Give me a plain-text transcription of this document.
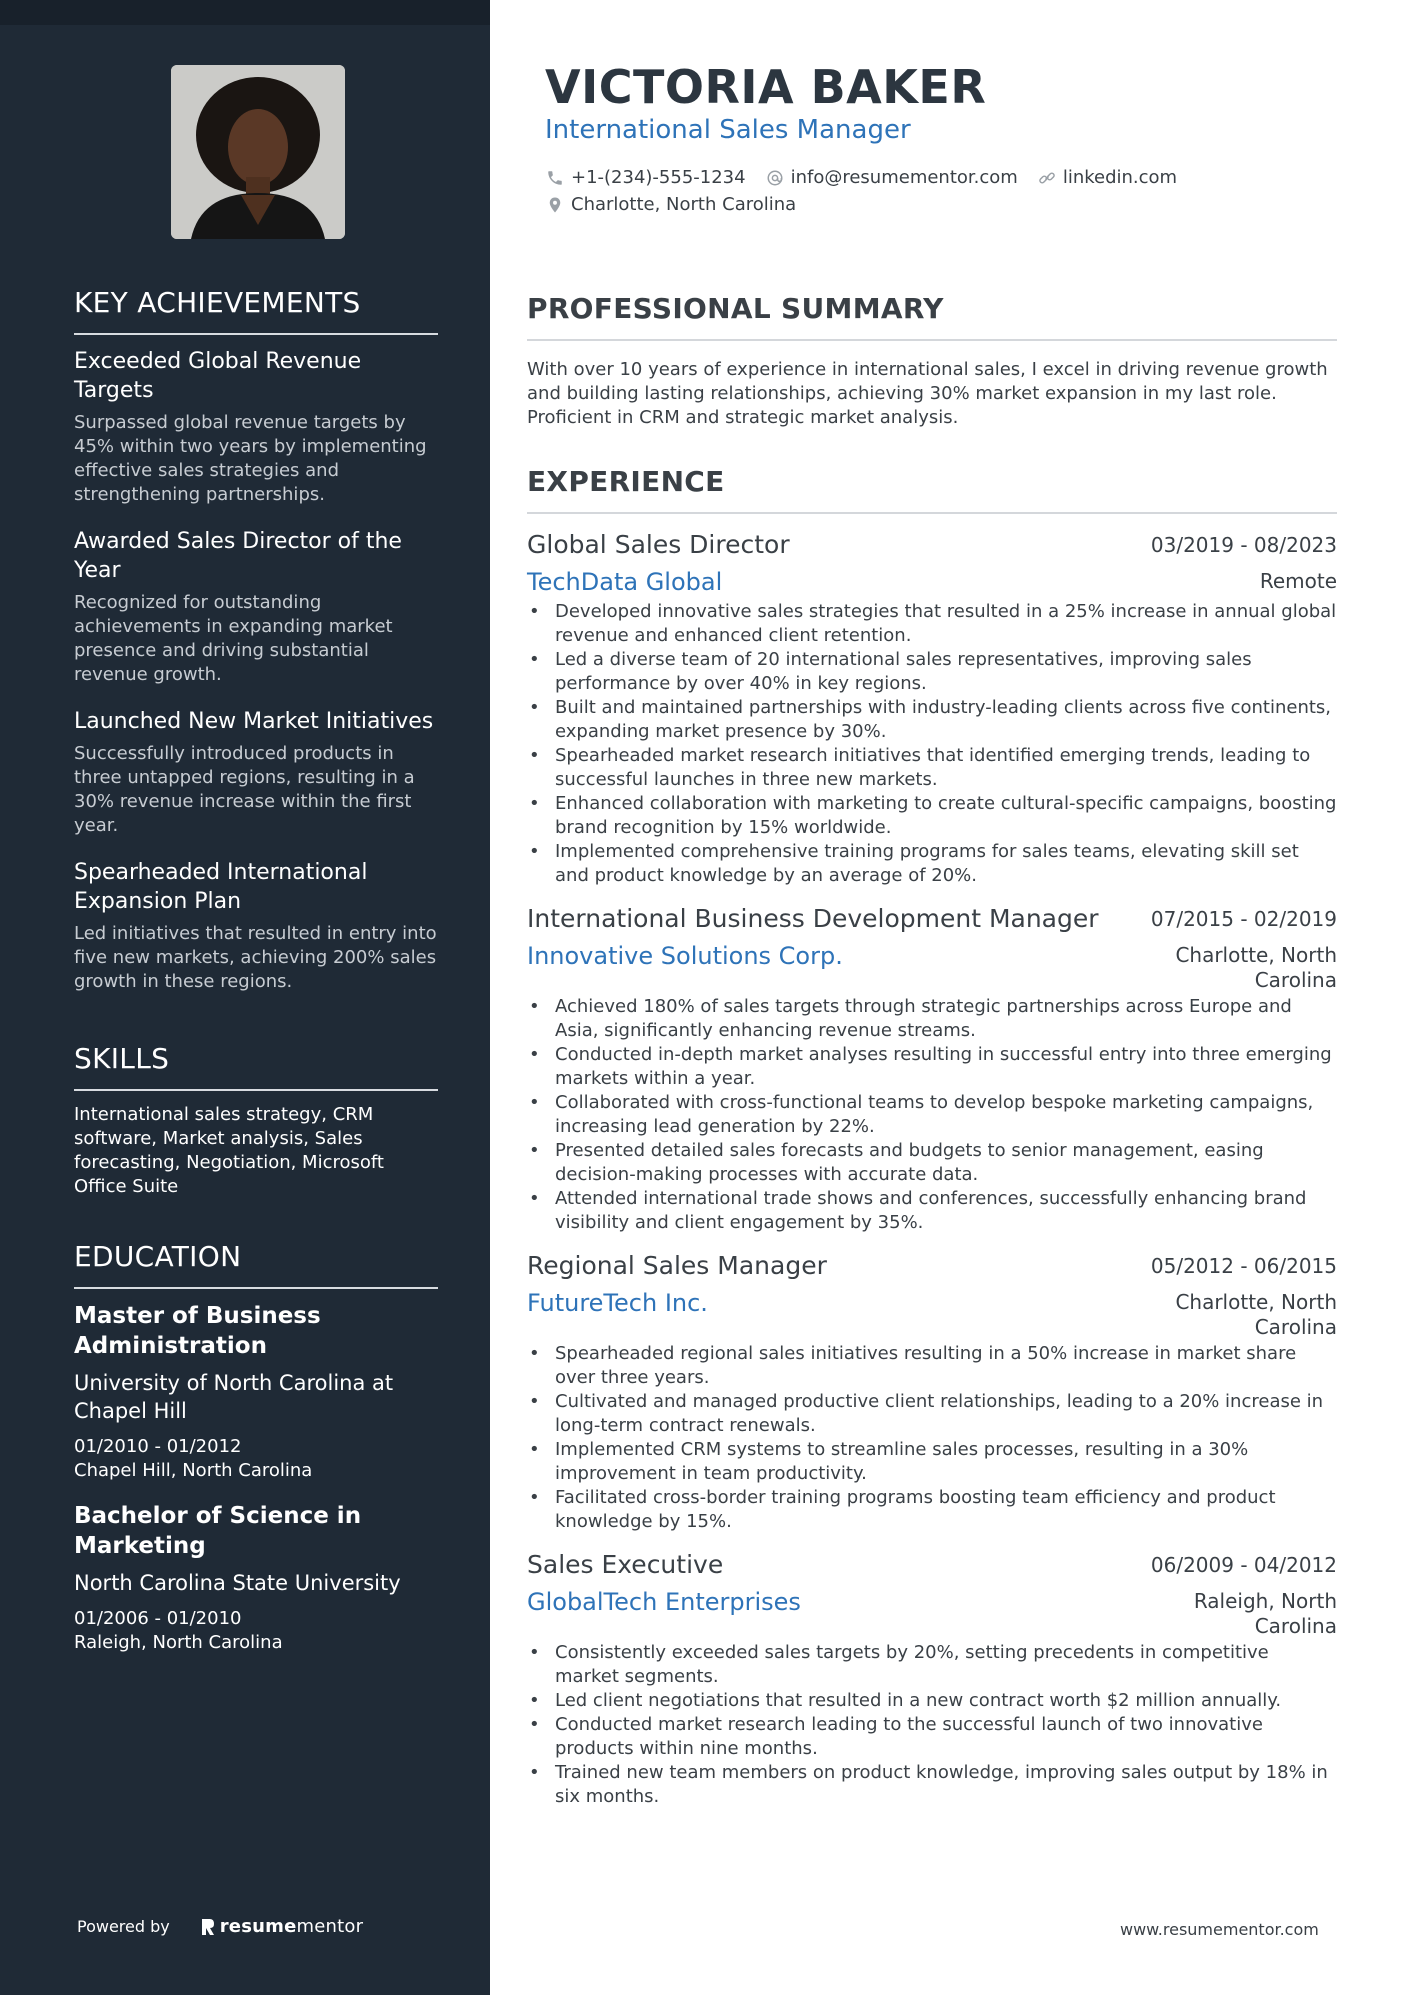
KEY ACHIEVEMENTS
Exceeded Global Revenue Targets
Surpassed global revenue targets by 45% within two years by implementing effective sales strategies and strengthening partnerships.
Awarded Sales Director of the Year
Recognized for outstanding achievements in expanding market presence and driving substantial revenue growth.
Launched New Market Initiatives
Successfully introduced products in three untapped regions, resulting in a 30% revenue increase within the first year.
Spearheaded International Expansion Plan
Led initiatives that resulted in entry into five new markets, achieving 200% sales growth in these regions.
SKILLS

International sales strategy, CRM software, Market analysis, Sales forecasting, Negotiation, Microsoft Office Suite

EDUCATION
Master of Business Administration
University of North Carolina at Chapel Hill
01/2010 - 01/2012
Chapel Hill, North Carolina
Bachelor of Science in Marketing
North Carolina State University
01/2006 - 01/2010
Raleigh, North Carolina
Powered by	resume mentor
VICTORIA BAKER
International Sales Manager
+1-(234)-555-1234	info@resumementor.com	linkedin.com
Charlotte, North Carolina
PROFESSIONAL SUMMARY

With over 10 years of experience in international sales, I excel in driving revenue growth and building lasting relationships, achieving 30% market expansion in my last role. Proficient in CRM and strategic market analysis.

EXPERIENCE
Global Sales Director	03/2019 - 08/2023
TechData Global	Remote
• Developed innovative sales strategies that resulted in a 25% increase in annual global revenue and enhanced client retention.
• Led a diverse team of 20 international sales representatives, improving sales performance by over 40% in key regions.
• Built and maintained partnerships with industry-leading clients across five continents, expanding market presence by 30%.
• Spearheaded market research initiatives that identified emerging trends, leading to successful launches in three new markets.
• Enhanced collaboration with marketing to create cultural-specific campaigns, boosting brand recognition by 15% worldwide.
• Implemented comprehensive training programs for sales teams, elevating skill set and product knowledge by an average of 20%.
International Business Development Manager	07/2015 - 02/2019
Innovative Solutions Corp.	Charlotte, North Carolina
• Achieved 180% of sales targets through strategic partnerships across Europe and Asia, significantly enhancing revenue streams.
• Conducted in-depth market analyses resulting in successful entry into three emerging markets within a year.
• Collaborated with cross-functional teams to develop bespoke marketing campaigns, increasing lead generation by 22%.
• Presented detailed sales forecasts and budgets to senior management, easing decision-making processes with accurate data.
• Attended international trade shows and conferences, successfully enhancing brand visibility and client engagement by 35%.
Regional Sales Manager	05/2012 - 06/2015
FutureTech Inc.	Charlotte, North Carolina
• Spearheaded regional sales initiatives resulting in a 50% increase in market share over three years.
• Cultivated and managed productive client relationships, leading to a 20% increase in long-term contract renewals.
• Implemented CRM systems to streamline sales processes, resulting in a 30% improvement in team productivity.
• Facilitated cross-border training programs boosting team efficiency and product knowledge by 15%.
Sales Executive	06/2009 - 04/2012
GlobalTech Enterprises	Raleigh, North Carolina
• Consistently exceeded sales targets by 20%, setting precedents in competitive market segments.
• Led client negotiations that resulted in a new contract worth $2 million annually.
• Conducted market research leading to the successful launch of two innovative products within nine months.
• Trained new team members on product knowledge, improving sales output by 18% in six months.
www.resumementor.com
